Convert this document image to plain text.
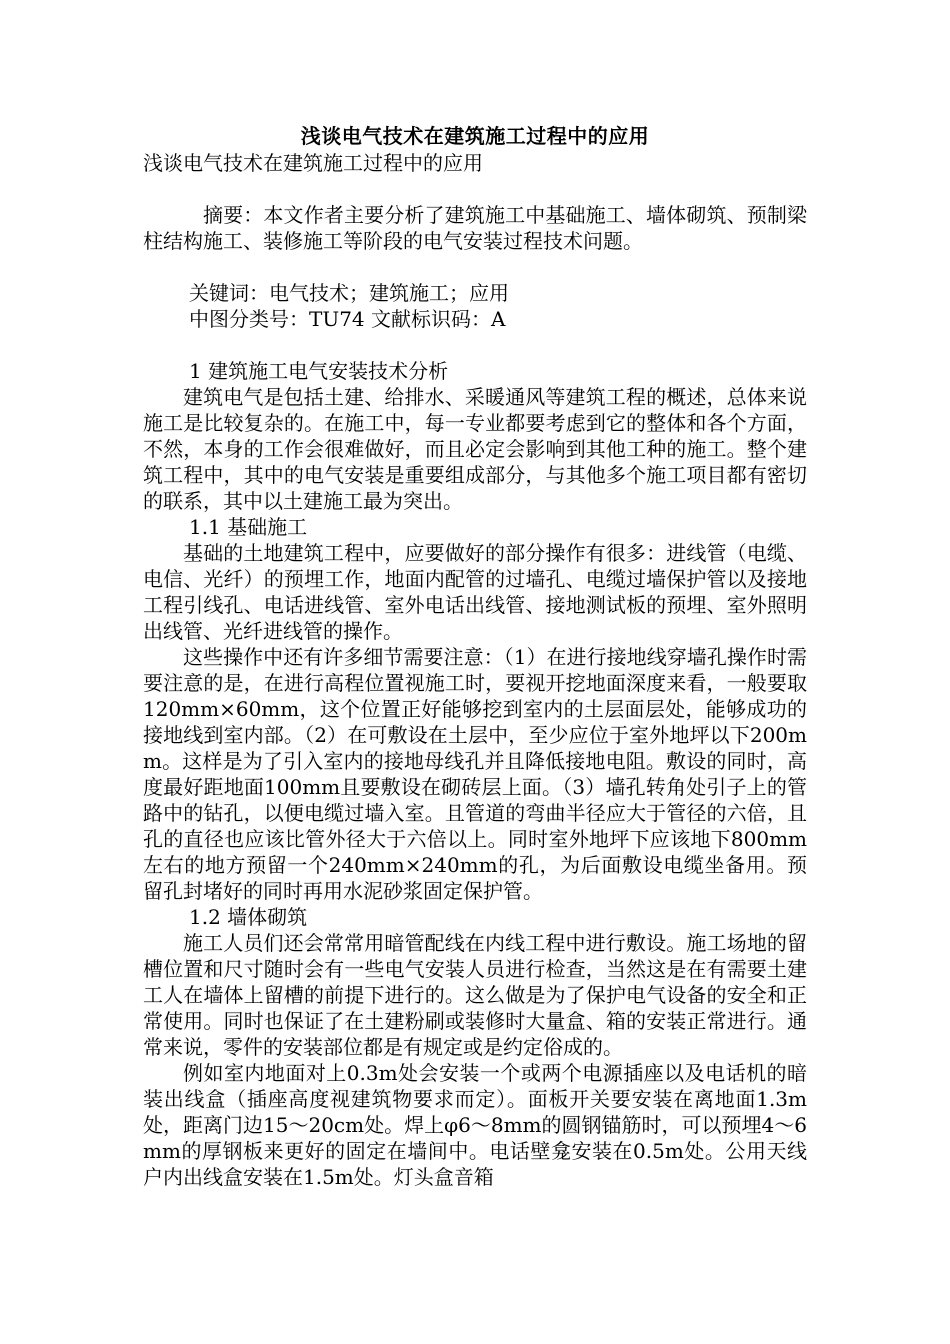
浅谈电气技术在建筑施工过程中的应用

浅谈电气技术在建筑施工过程中的应用

摘要：本文作者主要分析了建筑施工中基础施工、墙体砌筑、预制梁柱结构施工、装修施工等阶段的电气安装过程技术问题。

关键词：电气技术；建筑施工；应用

中图分类号：TU74 文献标识码：A

1 建筑施工电气安装技术分析

建筑电气是包括土建、给排水、采暖通风等建筑工程的概述，总体来说施工是比较复杂的。在施工中，每一专业都要考虑到它的整体和各个方面，不然，本身的工作会很难做好，而且必定会影响到其他工种的施工。整个建筑工程中，其中的电气安装是重要组成部分，与其他多个施工项目都有密切的联系，其中以土建施工最为突出。

1.1 基础施工

基础的土地建筑工程中，应要做好的部分操作有很多：进线管（电缆、电信、光纤）的预埋工作，地面内配管的过墙孔、电缆过墙保护管以及接地工程引线孔、电话进线管、室外电话出线管、接地测试板的预埋、室外照明出线管、光纤进线管的操作。

这些操作中还有许多细节需要注意：（1）在进行接地线穿墙孔操作时需要注意的是，在进行高程位置视施工时，要视开挖地面深度来看，一般要取120mm×60mm，这个位置正好能够挖到室内的土层面层处，能够成功的接地线到室内部。（2）在可敷设在土层中，至少应位于室外地坪以下200mm。这样是为了引入室内的接地母线孔并且降低接地电阻。敷设的同时，高度最好距地面100mm且要敷设在砌砖层上面。（3）墙孔转角处引子上的管路中的钻孔，以便电缆过墙入室。且管道的弯曲半径应大于管径的六倍，且孔的直径也应该比管外径大于六倍以上。同时室外地坪下应该地下800mm左右的地方预留一个240mm×240mm的孔，为后面敷设电缆坐备用。预留孔封堵好的同时再用水泥砂浆固定保护管。

1.2 墙体砌筑

施工人员们还会常常用暗管配线在内线工程中进行敷设。施工场地的留槽位置和尺寸随时会有一些电气安装人员进行检查，当然这是在有需要土建工人在墙体上留槽的前提下进行的。这么做是为了保护电气设备的安全和正常使用。同时也保证了在土建粉刷或装修时大量盒、箱的安装正常进行。通常来说，零件的安装部位都是有规定或是约定俗成的。

例如室内地面对上0.3m处会安装一个或两个电源插座以及电话机的暗装出线盒（插座高度视建筑物要求而定）。面板开关要安装在离地面1.3m处，距离门边15～20cm处。焊上φ6～8mm的圆钢锚筋时，可以预埋4～6mm的厚钢板来更好的固定在墙间中。电话壁龛安装在0.5m处。公用天线户内出线盒安装在1.5m处。灯头盒音箱
